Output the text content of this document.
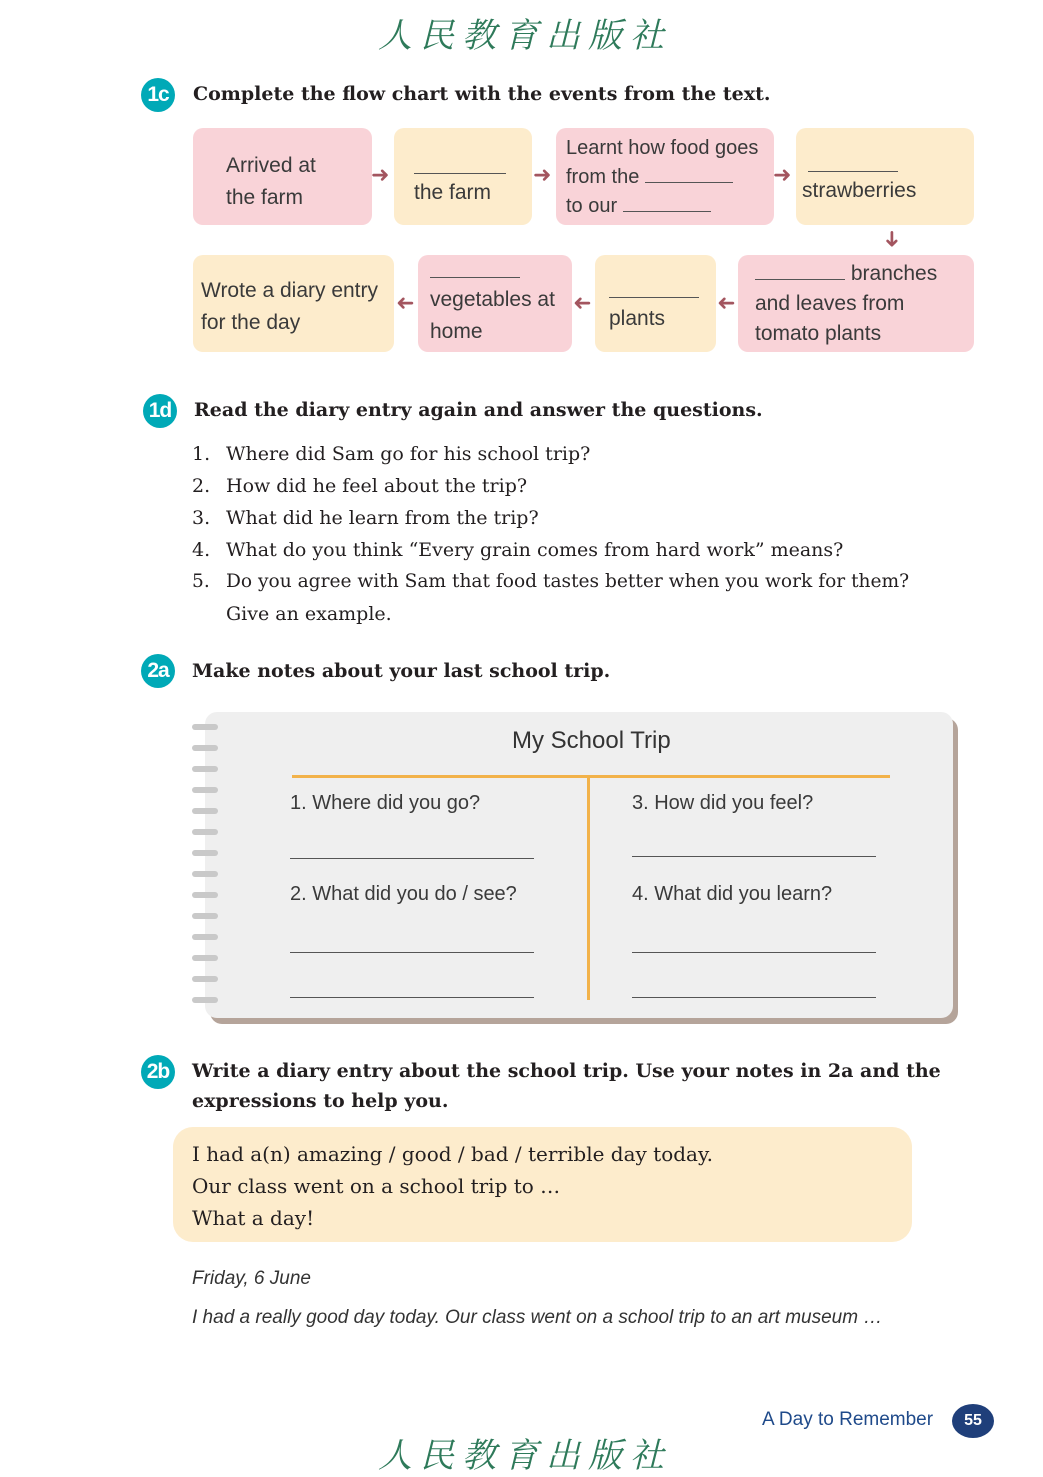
人民教育出版社
1c	Complete the flow chart with the events from the text.
Arrived at
the farm
➜
the farm
➜
Learnt how food goes
from the
to our
➜
strawberries
➜
Wrote a diary entry
for the day
➜ vegetables at
home
➜
plants
➜
branches
and leaves from
tomato plants
1d	Read the diary entry again and answer the questions.
1. Where did Sam go for his school trip?
2. How did he feel about the trip?
3. What did he learn from the trip?
4. What do you think “Every grain comes from hard work” means?
5. Do you agree with Sam that food tastes better when you work for them?
Give an example.
2a	Make notes about your last school trip.
My School Trip
1. Where did you go?
2. What did you do / see?
3. How did you feel?
4. What did you learn?
2b	Write a diary entry about the school trip. Use your notes in 2a and the
expressions to help you.
I had a(n) amazing / good / bad / terrible day today.
Our class went on a school trip to …
What a day!
Friday, 6 June
I had a really good day today. Our class went on a school trip to an art museum …
A Day to Remember	55
人民教育出版社
